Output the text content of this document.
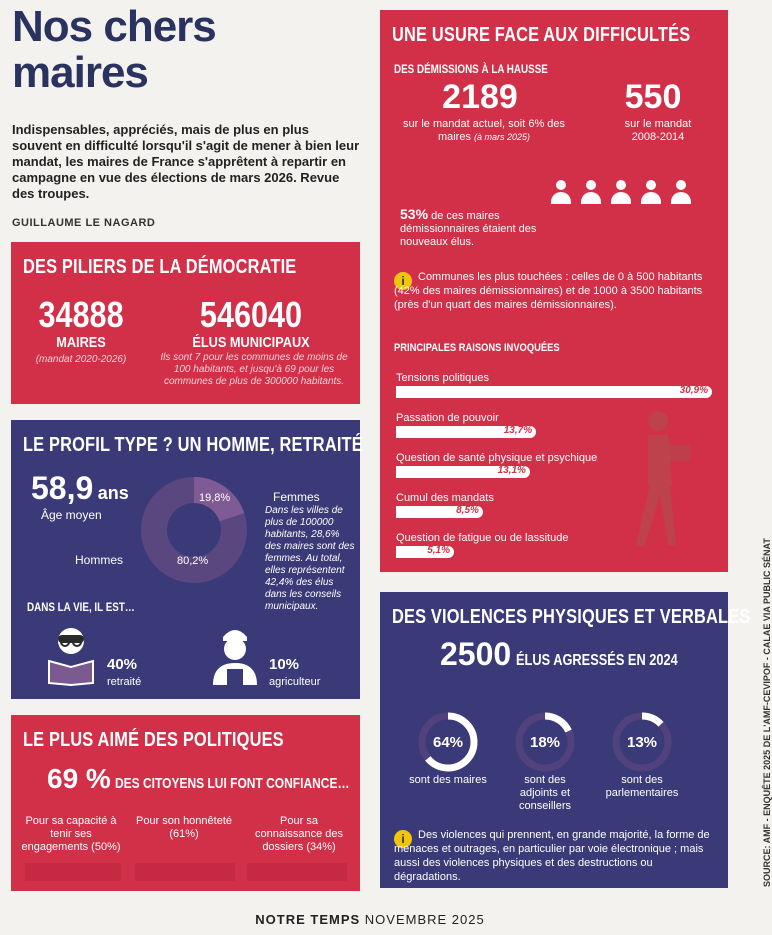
Nos chers
maires
Indispensables, appréciés, mais de plus en plus souvent en difficulté lorsqu'il s'agit de mener à bien leur mandat, les maires de France s'apprêtent à repartir en campagne en vue des élections de mars 2026. Revue des troupes.
GUILLAUME LE NAGARD
DES PILIERS DE LA DÉMOCRATIE
34888
MAIRES
(mandat 2020-2026)
546040
ÉLUS MUNICIPAUX
Ils sont 7 pour les communes de moins de 100 habitants, et jusqu'à 69 pour les communes de plus de 300000 habitants.
LE PROFIL TYPE ? UN HOMME, RETRAITÉ
58,9 ans
Âge moyen
19,8%	Femmes
Dans les villes de plus de 100000 habitants, 28,6% des maires sont des femmes. Au total, elles représentent 42,4% des élus dans les conseils municipaux.
Hommes	80,2%
DANS LA VIE, IL EST…
40%
retraité
10%
agriculteur
LE PLUS AIMÉ DES POLITIQUES
69 % DES CITOYENS LUI FONT CONFIANCE…
Pour sa capacité à tenir ses engagements (50%)
Pour son honnêteté (61%)
Pour sa connaissance des dossiers (34%)
UNE USURE FACE AUX DIFFICULTÉS
DES DÉMISSIONS À LA HAUSSE
2189
sur le mandat actuel, soit 6% des maires (à mars 2025)
550
sur le mandat 2008-2014
53% de ces maires démissionnaires étaient des nouveaux élus.
i	Communes les plus touchées : celles de 0 à 500 habitants (42% des maires démissionnaires) et de 1000 à 3500 habitants (près d'un quart des maires démissionnaires).
PRINCIPALES RAISONS INVOQUÉES
Tensions politiques
30,9%
Passation de pouvoir
13,7%
Question de santé physique et psychique
13,1%
Cumul des mandats
8,5%
Question de fatigue ou de lassitude
5,1%
DES VIOLENCES PHYSIQUES ET VERBALES
2500 ÉLUS AGRESSÉS EN 2024
64%	18%	13%
sont des maires	sont des adjoints et conseillers
sont des parlementaires
i	Des violences qui prennent, en grande majorité, la forme de menaces et outrages, en particulier par voie électronique ; mais aussi des violences physiques et des destructions ou dégradations.	SOURCE: AMF - ENQUÊTE 2025 DE L'AMF-CEVIPOF - CALAE VIA PUBLIC SÉNAT
NOTRE TEMPS NOVEMBRE 2025
